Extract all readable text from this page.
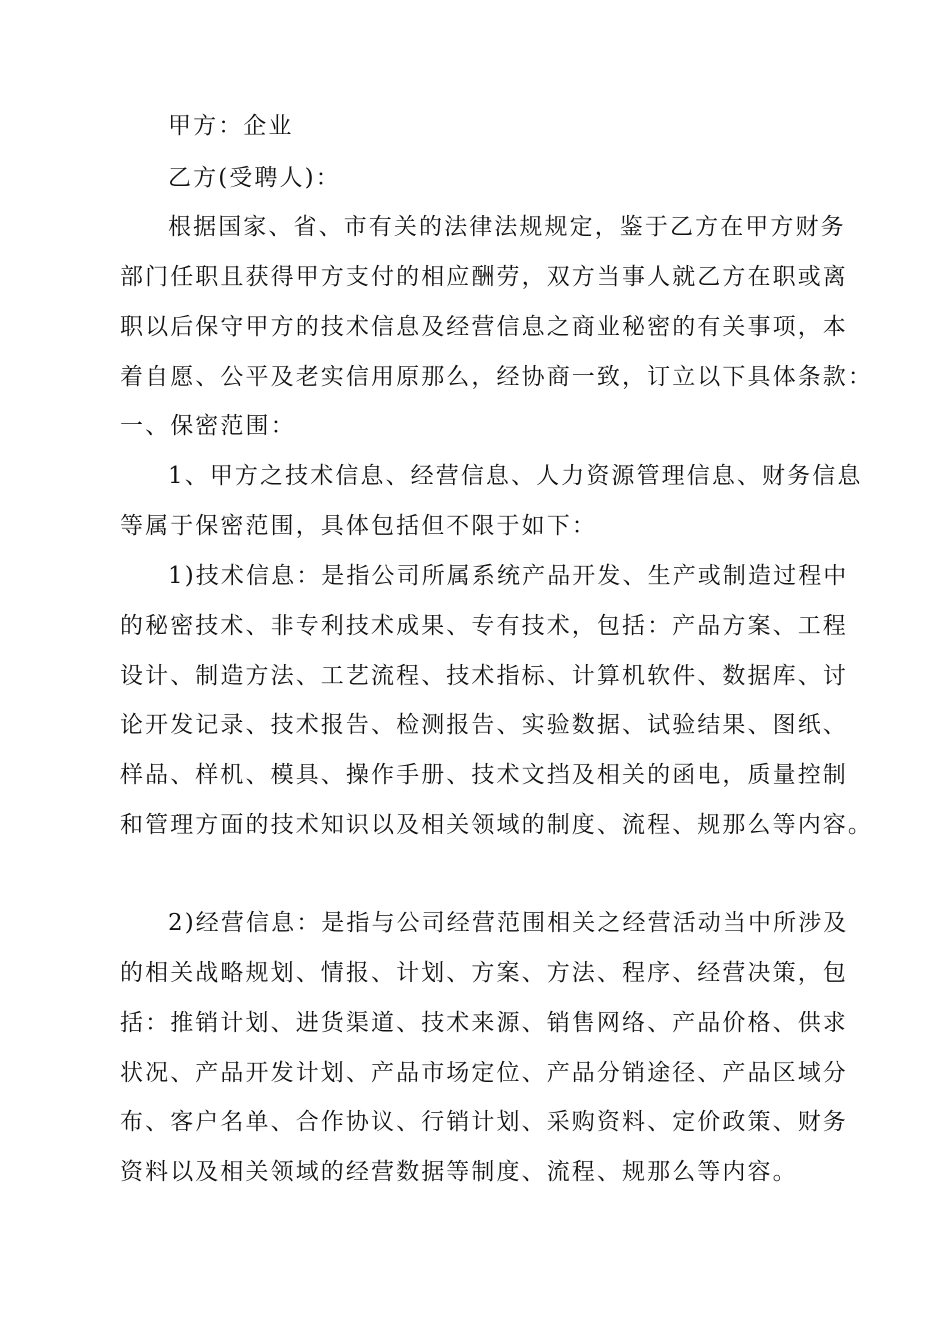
甲方：企业
乙方(受聘人)：
根据国家、省、市有关的法律法规规定，鉴于乙方在甲方财务
部门任职且获得甲方支付的相应酬劳，双方当事人就乙方在职或离
职以后保守甲方的技术信息及经营信息之商业秘密的有关事项，本
着自愿、公平及老实信用原那么，经协商一致，订立以下具体条款：
一、保密范围：
1、甲方之技术信息、经营信息、人力资源管理信息、财务信息
等属于保密范围，具体包括但不限于如下：
1)技术信息：是指公司所属系统产品开发、生产或制造过程中
的秘密技术、非专利技术成果、专有技术，包括：产品方案、工程
设计、制造方法、工艺流程、技术指标、计算机软件、数据库、讨
论开发记录、技术报告、检测报告、实验数据、试验结果、图纸、
样品、样机、模具、操作手册、技术文挡及相关的函电，质量控制
和管理方面的技术知识以及相关领域的制度、流程、规那么等内容。
2)经营信息：是指与公司经营范围相关之经营活动当中所涉及
的相关战略规划、情报、计划、方案、方法、程序、经营决策，包
括：推销计划、进货渠道、技术来源、销售网络、产品价格、供求
状况、产品开发计划、产品市场定位、产品分销途径、产品区域分
布、客户名单、合作协议、行销计划、采购资料、定价政策、财务
资料以及相关领域的经营数据等制度、流程、规那么等内容。
